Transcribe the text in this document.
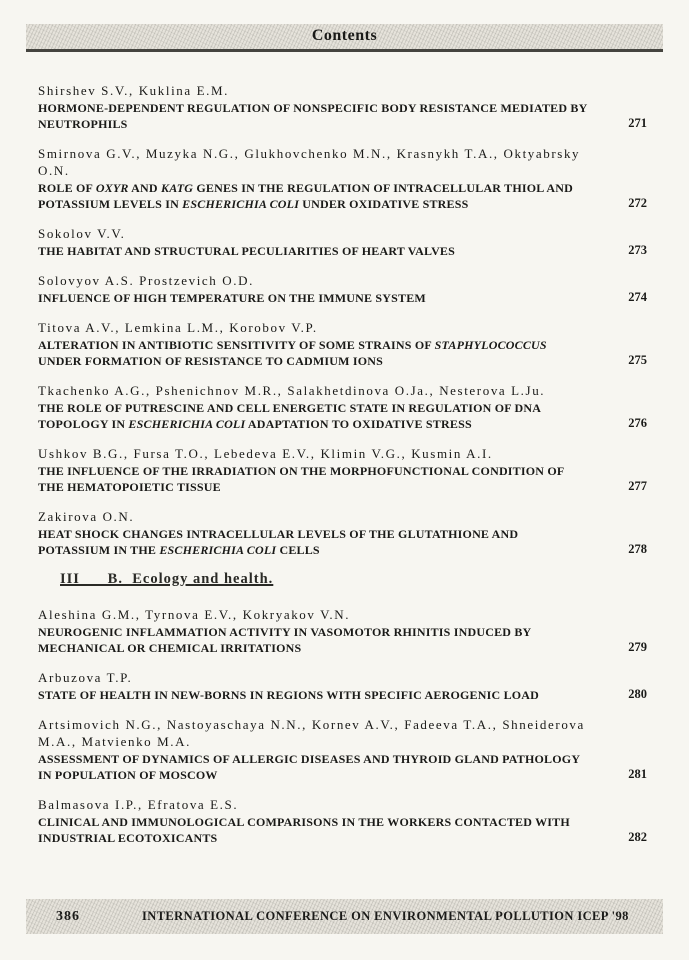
Contents
Shirshev S.V., Kuklina E.M.
HORMONE-DEPENDENT REGULATION OF NONSPECIFIC BODY RESISTANCE MEDIATED BY NEUTROPHILS	271
Smirnova G.V., Muzyka N.G., Glukhovchenko M.N., Krasnykh T.A., Oktyabrsky O.N.
ROLE OF OXYR AND KATG GENES IN THE REGULATION OF INTRACELLULAR THIOL AND POTASSIUM LEVELS IN ESCHERICHIA COLI UNDER OXIDATIVE STRESS	272
Sokolov V.V.
THE HABITAT AND STRUCTURAL PECULIARITIES OF HEART VALVES	273
Solovyov A.S. Prostzevich O.D.
INFLUENCE OF HIGH TEMPERATURE ON THE IMMUNE SYSTEM	274
Titova A.V., Lemkina L.M., Korobov V.P.
ALTERATION IN ANTIBIOTIC SENSITIVITY OF SOME STRAINS OF STAPHYLOCOCCUS UNDER FORMATION OF RESISTANCE TO CADMIUM IONS	275
Tkachenko A.G., Pshenichnov M.R., Salakhetdinova O.Ja., Nesterova L.Ju.
THE ROLE OF PUTRESCINE AND CELL ENERGETIC STATE IN REGULATION OF DNA TOPOLOGY IN ESCHERICHIA COLI ADAPTATION TO OXIDATIVE STRESS	276
Ushkov B.G., Fursa T.O., Lebedeva E.V., Klimin V.G., Kusmin A.I.
THE INFLUENCE OF THE IRRADIATION ON THE MORPHOFUNCTIONAL CONDITION OF THE HEMATOPOIETIC TISSUE	277
Zakirova O.N.
HEAT SHOCK CHANGES INTRACELLULAR LEVELS OF THE GLUTATHIONE AND POTASSIUM IN THE ESCHERICHIA COLI CELLS	278
III      B.  Ecology and health.
Aleshina G.M., Tyrnova E.V., Kokryakov V.N.
NEUROGENIC INFLAMMATION ACTIVITY IN VASOMOTOR RHINITIS INDUCED BY MECHANICAL OR CHEMICAL IRRITATIONS	279
Arbuzova T.P.
STATE OF HEALTH IN NEW-BORNS IN REGIONS WITH SPECIFIC AEROGENIC LOAD	280
Artsimovich N.G., Nastoyaschaya N.N., Kornev A.V., Fadeeva T.A., Shneiderova M.A., Matvienko M.A.
ASSESSMENT OF DYNAMICS OF ALLERGIC DISEASES AND THYROID GLAND PATHOLOGY IN POPULATION OF MOSCOW	281
Balmasova I.P., Efratova E.S.
CLINICAL AND IMMUNOLOGICAL COMPARISONS IN THE WORKERS CONTACTED WITH INDUSTRIAL ECOTOXICANTS	282
386	INTERNATIONAL CONFERENCE ON ENVIRONMENTAL POLLUTION ICEP '98
